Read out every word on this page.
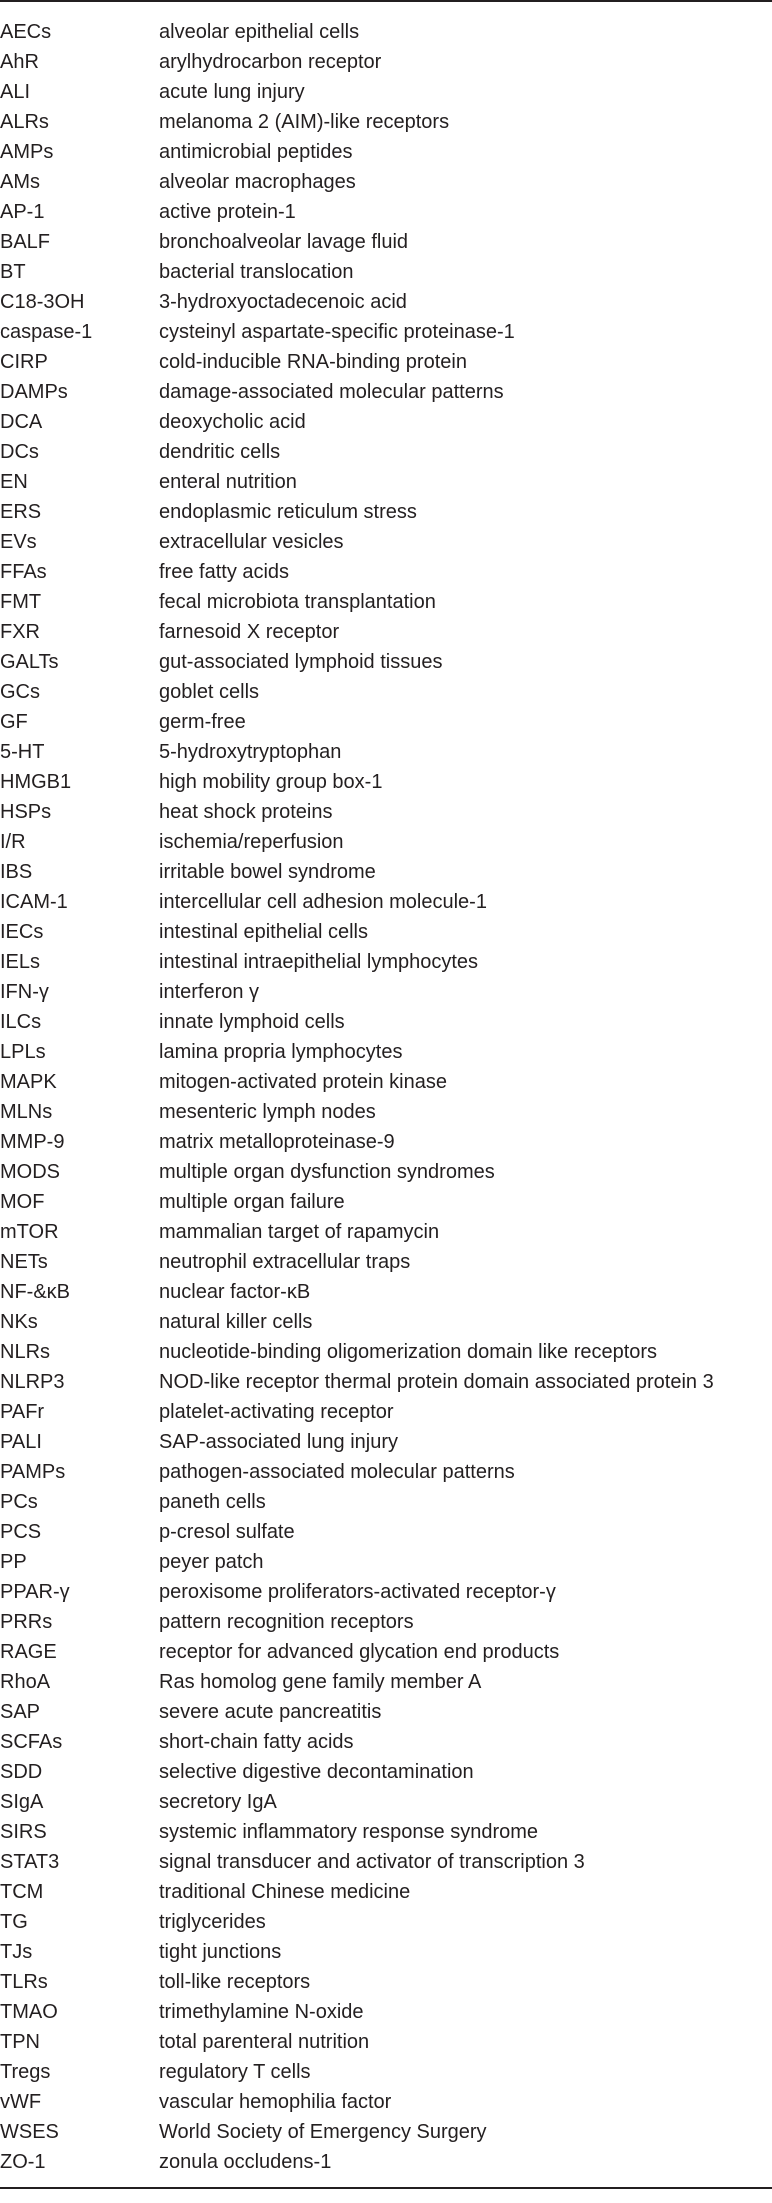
AECs	alveolar epithelial cells
AhR	arylhydrocarbon receptor
ALI	acute lung injury
ALRs	melanoma 2 (AIM)-like receptors
AMPs	antimicrobial peptides
AMs	alveolar macrophages
AP-1	active protein-1
BALF	bronchoalveolar lavage fluid
BT	bacterial translocation
C18-3OH	3-hydroxyoctadecenoic acid
caspase-1	cysteinyl aspartate-specific proteinase-1
CIRP	cold-inducible RNA-binding protein
DAMPs	damage-associated molecular patterns
DCA	deoxycholic acid
DCs	dendritic cells
EN	enteral nutrition
ERS	endoplasmic reticulum stress
EVs	extracellular vesicles
FFAs	free fatty acids
FMT	fecal microbiota transplantation
FXR	farnesoid X receptor
GALTs	gut-associated lymphoid tissues
GCs	goblet cells
GF	germ-free
5-HT	5-hydroxytryptophan
HMGB1	high mobility group box-1
HSPs	heat shock proteins
I/R	ischemia/reperfusion
IBS	irritable bowel syndrome
ICAM-1	intercellular cell adhesion molecule-1
IECs	intestinal epithelial cells
IELs	intestinal intraepithelial lymphocytes
IFN-γ	interferon γ
ILCs	innate lymphoid cells
LPLs	lamina propria lymphocytes
MAPK	mitogen-activated protein kinase
MLNs	mesenteric lymph nodes
MMP-9	matrix metalloproteinase-9
MODS	multiple organ dysfunction syndromes
MOF	multiple organ failure
mTOR	mammalian target of rapamycin
NETs	neutrophil extracellular traps
NF-&κB	nuclear factor-κB
NKs	natural killer cells
NLRs	nucleotide-binding oligomerization domain like receptors
NLRP3	NOD-like receptor thermal protein domain associated protein 3
PAFr	platelet-activating receptor
PALI	SAP-associated lung injury
PAMPs	pathogen-associated molecular patterns
PCs	paneth cells
PCS	p-cresol sulfate
PP	peyer patch
PPAR-γ	peroxisome proliferators-activated receptor-γ
PRRs	pattern recognition receptors
RAGE	receptor for advanced glycation end products
RhoA	Ras homolog gene family member A
SAP	severe acute pancreatitis
SCFAs	short-chain fatty acids
SDD	selective digestive decontamination
SIgA	secretory IgA
SIRS	systemic inflammatory response syndrome
STAT3	signal transducer and activator of transcription 3
TCM	traditional Chinese medicine
TG	triglycerides
TJs	tight junctions
TLRs	toll-like receptors
TMAO	trimethylamine N-oxide
TPN	total parenteral nutrition
Tregs	regulatory T cells
vWF	vascular hemophilia factor
WSES	World Society of Emergency Surgery
ZO-1	zonula occludens-1
